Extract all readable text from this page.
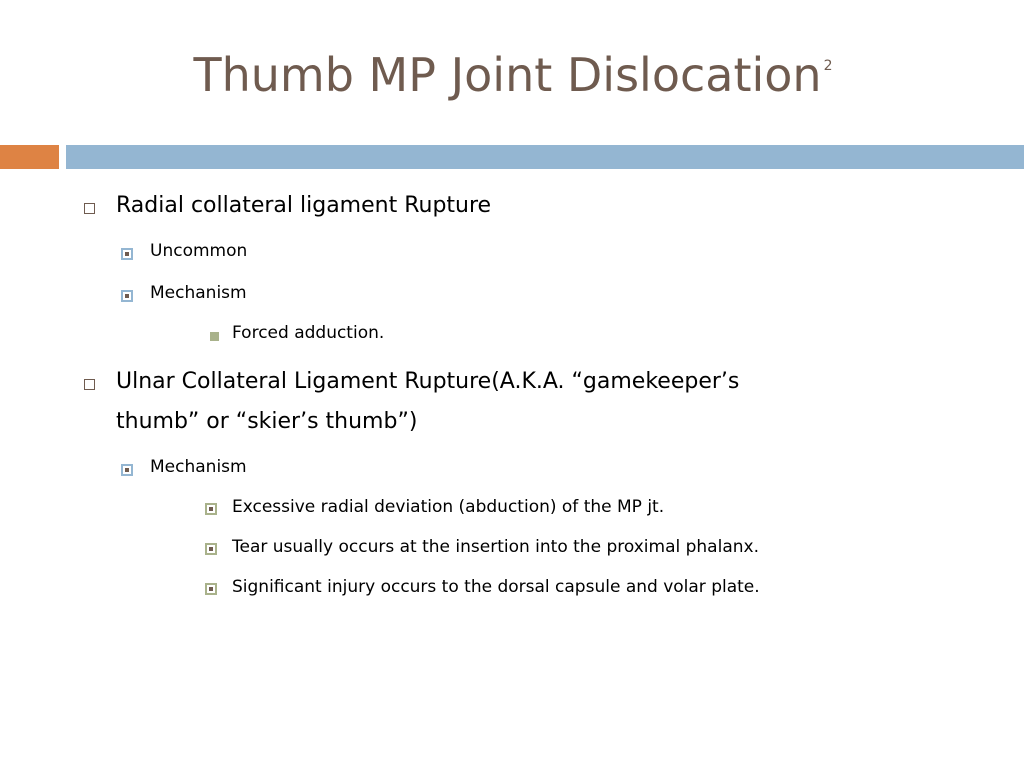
Thumb MP Joint Dislocation $^2$
Radial collateral ligament Rupture
Uncommon
Mechanism
Forced adduction.
Ulnar Collateral Ligament Rupture(A.K.A. “gamekeeper’s
thumb” or “skier’s thumb”)
Mechanism
Excessive radial deviation (abduction) of the MP jt.
Tear usually occurs at the insertion into the proximal phalanx.
Significant injury occurs to the dorsal capsule and volar plate.
